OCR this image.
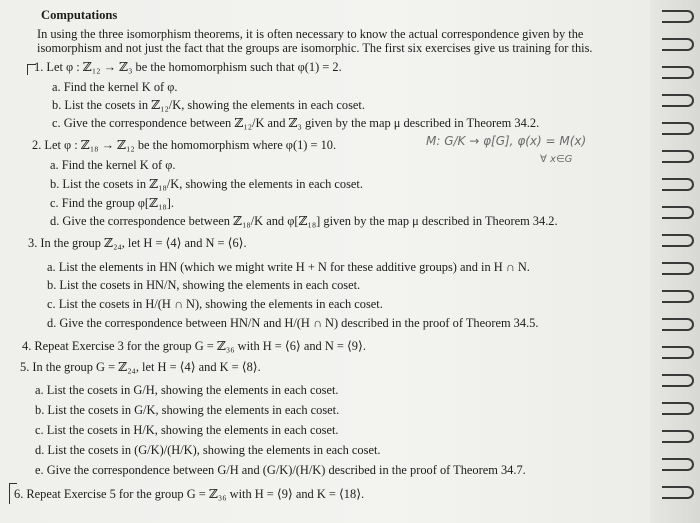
Computations
In using the three isomorphism theorems, it is often necessary to know the actual correspondence given by the
isomorphism and not just the fact that the groups are isomorphic. The first six exercises give us training for this.
1. Let φ : ℤ₁₂ → ℤ₃ be the homomorphism such that φ(1) = 2.
a. Find the kernel K of φ.
b. List the cosets in ℤ₁₂/K, showing the elements in each coset.
c. Give the correspondence between ℤ₁₂/K and ℤ₃ given by the map μ described in Theorem 34.2.
2. Let φ : ℤ₁₈ → ℤ₁₂ be the homomorphism where φ(1) = 10.	M: G/K → φ[G], φ(x) = M(x)
∀ x∈G
a. Find the kernel K of φ.
b. List the cosets in ℤ₁₈/K, showing the elements in each coset.
c. Find the group φ[ℤ₁₈].
d. Give the correspondence between ℤ₁₈/K and φ[ℤ₁₈] given by the map μ described in Theorem 34.2.
3. In the group ℤ₂₄, let H = ⟨4⟩ and N = ⟨6⟩.
a. List the elements in HN (which we might write H + N for these additive groups) and in H ∩ N.
b. List the cosets in HN/N, showing the elements in each coset.
c. List the cosets in H/(H ∩ N), showing the elements in each coset.
d. Give the correspondence between HN/N and H/(H ∩ N) described in the proof of Theorem 34.5.
4. Repeat Exercise 3 for the group G = ℤ₃₆ with H = ⟨6⟩ and N = ⟨9⟩.
5. In the group G = ℤ₂₄, let H = ⟨4⟩ and K = ⟨8⟩.
a. List the cosets in G/H, showing the elements in each coset.
b. List the cosets in G/K, showing the elements in each coset.
c. List the cosets in H/K, showing the elements in each coset.
d. List the cosets in (G/K)/(H/K), showing the elements in each coset.
e. Give the correspondence between G/H and (G/K)/(H/K) described in the proof of Theorem 34.7.
6. Repeat Exercise 5 for the group G = ℤ₃₆ with H = ⟨9⟩ and K = ⟨18⟩.
